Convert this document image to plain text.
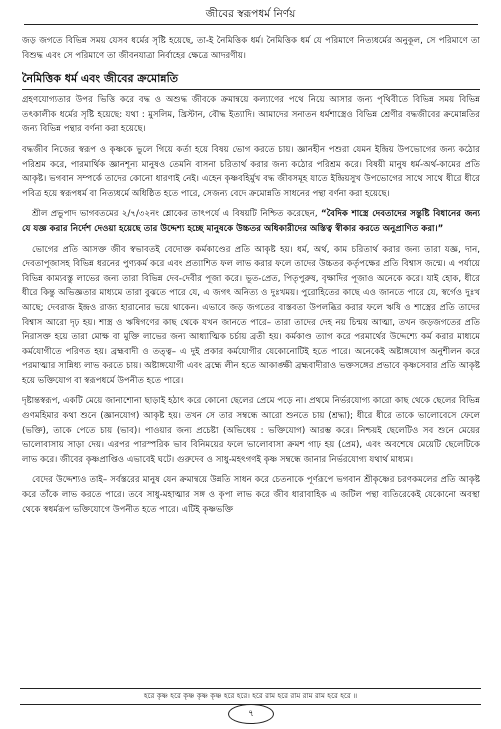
জীবের স্বরূপধর্ম নির্ণয়

জড় জগতে বিভিন্ন সময় যেসব ধর্মের সৃষ্টি হয়েছে, তা-ই নৈমিত্তিক ধর্ম। নৈমিত্তিক ধর্ম যে পরিমাণে নিত্যধর্মের অনুকূল, সে পরিমাণে তা বিশুদ্ধ এবং সে পরিমাণে তা জীবনযাত্রা নির্বাহের ক্ষেত্রে আদরণীয়।

নৈমিত্তিক ধর্ম এবং জীবের ক্রমোন্নতি

গ্রহণযোগ্যতার উপর ভিত্তি করে বদ্ধ ও অশুদ্ধ জীবকে ক্রমান্বয়ে কল্যাণের পথে নিয়ে আসার জন্য পৃথিবীতে বিভিন্ন সময় বিভিন্ন তৎকালীক ধর্মের সৃষ্টি হয়েছে: যথা : মুসলিম, খ্রিস্টান, বৌদ্ধ ইত্যাদি। আমাদের সনাতন ধর্মশাস্ত্রেও বিভিন্ন শ্রেণীর বদ্ধজীবের ক্রমোন্নতির জন্য বিভিন্ন পন্থার বর্ণনা করা হয়েছে।

বদ্ধজীব নিজের স্বরূপ ও কৃষ্ণকে ভুলে গিয়ে কর্তা হয়ে বিষয় ভোগ করতে চায়। জ্ঞানহীন পশুরা যেমন ইন্দ্রিয় উপভোগের জন্য কঠোর পরিশ্রম করে, পারমার্থিক জ্ঞানশূন্য মানুষও তেমনি বাসনা চরিতার্থ করার জন্য কঠোর পরিশ্রম করে। বিষয়ী মানুষ ধর্ম-অর্থ-কামের প্রতি আকৃষ্ট। ভগবান সম্পর্কে তাদের কোনো ধারণাই নেই। এহেন কৃষ্ণবহির্মুখ বদ্ধ জীবসমূহ যাতে ইন্দ্রিয়সুখ উপভোগের সাথে সাথে ধীরে ধীরে পবিত্র হয়ে স্বরূপধর্ম বা নিত্যধর্মে অধিষ্ঠিত হতে পারে, সেজন্য বেদে ক্রমোন্নতি সাধনের পন্থা বর্ণনা করা হয়েছে।

শ্রীল প্রভুপাদ ভাগবতমের ২/৭/৩২নং শ্লোকের তাৎপর্যে এ বিষয়টি নিশ্চিত করেছেন, “বৈদিক শাস্ত্রে দেবতাদের সন্তুষ্টি বিধানের জন্য যে যজ্ঞ করার নির্দেশ দেওয়া হয়েছে তার উদ্দেশ্য হচ্ছে মানুষকে উচ্চতর অধিকারীদের অস্তিত্ব স্বীকার করতে অনুপ্রাণিত করা।”

ভোগের প্রতি আসক্ত জীব স্বভাবতই বেদোক্ত কর্মকাণ্ডের প্রতি আকৃষ্ট হয়। ধর্ম, অর্থ, কাম চরিতার্থ করার জন্য তারা যজ্ঞ, দান, দেবতাপূজাসহ বিভিন্ন ধরনের পুণ্যকর্ম করে এবং প্রত্যাশিত ফল লাভ করার ফলে তাদের উচ্চতর কর্তৃপক্ষের প্রতি বিশ্বাস জন্মে। এ পর্যায়ে বিভিন্ন কাম্যবস্তু লাভের জন্য তারা বিভিন্ন দেব-দেবীর পূজা করে। ভূত-প্রেত, পিতৃপুরুষ, বৃক্ষাদির পূজাও অনেকে করে। যাই হোক, ধীরে ধীরে কিন্তু অভিজ্ঞতার মাধ্যমে তারা বুঝতে পারে যে, এ জগৎ অনিত্য ও দুঃখময়। পুরোহিতের কাছে এও জানতে পারে যে, স্বর্গেও দুঃখ আছে; দেবরাজ ইন্দ্রও রাজ্য হারানোর ভয়ে থাকেন। এভাবে জড় জগতের বাস্তবতা উপলব্ধির করার ফলে ঋষি ও শাস্ত্রের প্রতি তাদের বিশ্বাস আরো দৃঢ় হয়। শাস্ত্র ও ঋষিগণের কাছ থেকে যখন জানতে পারে– তারা তাদের দেহ নয় চিন্ময় আত্মা, তখন জড়জগতের প্রতি নিরাসক্ত হয়ে তারা মোক্ষ বা মুক্তি লাভের জন্য আধ্যাত্মিক চর্চায় ব্রতী হয়। কর্মকাণ্ড ত্যাগ করে পরমার্থের উদ্দেশ্যে কর্ম করার মাধ্যমে কর্মযোগীতে পরিণত হয়। ব্রহ্মবাদী ও তত্ত্ব– এ দুই প্রকার কর্মযোগীর যেকোনোটিই হতে পারে। অনেকেই অষ্টাঙ্গযোগ অনুশীলন করে পরমাত্মার সান্নিধ্য লাভ করতে চায়। অষ্টাঙ্গযোগী এবং ব্রহ্মে লীন হতে আকাঙ্ক্ষী ব্রহ্মবাদীরাও ভক্তসঙ্গের প্রভাবে কৃষ্ণসেবার প্রতি আকৃষ্ট হয়ে ভক্তিযোগ বা স্বরূপধর্মে উপনীত হতে পারে।

দৃষ্টান্তস্বরূপ, একটি মেয়ে জানাশোনা ছাড়াই হঠাৎ করে কোনো ছেলের প্রেমে পড়ে না। প্রথমে নির্ভরযোগ্য কারো কাছ থেকে ছেলের বিভিন্ন গুণমহিমার কথা শুনে (জ্ঞানযোগ) আকৃষ্ট হয়। তখন সে তার সম্বন্ধে আরো শুনতে চায় (শ্রদ্ধা); ধীরে ধীরে তাকে ভালোবেসে ফেলে (ভক্তি), তাকে পেতে চায় (ভাব)। পাওয়ার জন্য প্রচেষ্টা (অভিধেয় : ভক্তিযোগ) আরম্ভ করে। নিশ্চয়ই ছেলেটিও সব শুনে মেয়ের ভালোবাসায় সাড়া দেয়। এরপর পারস্পরিক ভাব বিনিময়ের ফলে ভালোবাসা ক্রমশ গাঢ় হয় (প্রেম), এবং অবশেষে মেয়েটি ছেলেটিকে লাভ করে। জীবের কৃষ্ণপ্রাপ্তিও এভাবেই ঘটে। গুরুদেব ও সাধু-মহৎগণই কৃষ্ণ সম্বন্ধে জানার নির্ভরযোগ্য যথার্থ মাধ্যম।

বেদের উদ্দেশ্যও তাই– সর্বস্তরের মানুষ যেন ক্রমান্বয়ে উন্নতি সাধন করে চেতনাকে পূর্ণরূপে ভগবান শ্রীকৃষ্ণের চরণকমলের প্রতি আকৃষ্ট করে তাঁকে লাভ করতে পারে। তবে সাধু-মহাত্মার সঙ্গ ও কৃপা লাভ করে জীব ধারাবাহিক এ জটিল পন্থা ব্যতিরেকেই যেকোনো অবস্থা থেকে স্বধর্মরূপ ভক্তিযোগে উপনীত হতে পারে। এটিই কৃষ্ণভক্তি

হরে কৃষ্ণ হরে কৃষ্ণ কৃষ্ণ কৃষ্ণ হরে হরে। হরে রাম হরে রাম রাম রাম হরে হরে ॥
৭
